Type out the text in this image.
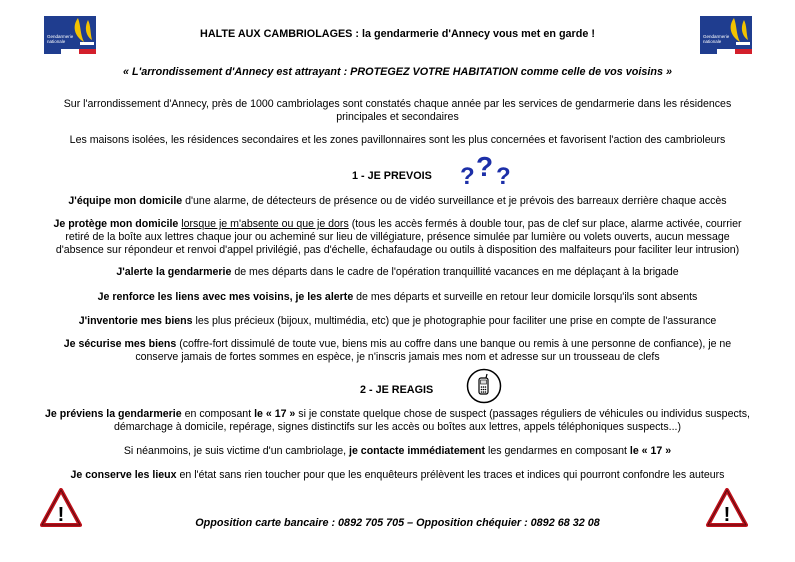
Gendarmerie
nationale
Gendarmerie
nationale
HALTE AUX CAMBRIOLAGES : la gendarmerie d'Annecy vous met en garde !
« L'arrondissement d'Annecy est attrayant : PROTEGEZ VOTRE HABITATION comme celle de vos voisins »
Sur l'arrondissement d'Annecy, près de 1000 cambriolages sont constatés chaque année par les services de gendarmerie dans les résidences principales et secondaires
Les maisons isolées, les résidences secondaires et les zones pavillonnaires sont les plus concernées et favorisent l'action des cambrioleurs
1 - JE PREVOIS ? ? ?
J'équipe mon domicile d'une alarme, de détecteurs de présence ou de vidéo surveillance et je prévois des barreaux derrière chaque accès
Je protège mon domicile lorsque je m'absente ou que je dors (tous les accès fermés à double tour, pas de clef sur place, alarme activée, courrier retiré de la boîte aux lettres chaque jour ou acheminé sur lieu de villégiature, présence simulée par lumière ou volets ouverts, aucun message d'absence sur répondeur et renvoi d'appel privilégié, pas d'échelle, échafaudage ou outils à disposition des malfaiteurs pour faciliter leur intrusion)
J'alerte la gendarmerie de mes départs dans le cadre de l'opération tranquillité vacances en me déplaçant à la brigade
Je renforce les liens avec mes voisins, je les alerte de mes départs et surveille en retour leur domicile lorsqu'ils sont absents
J'inventorie mes biens les plus précieux (bijoux, multimédia, etc) que je photographie pour faciliter une prise en compte de l'assurance
Je sécurise mes biens (coffre-fort dissimulé de toute vue, biens mis au coffre dans une banque ou remis à une personne de confiance), je ne conserve jamais de fortes sommes en espèce, je n'inscris jamais mes nom et adresse sur un trousseau de clefs
2 - JE REAGIS
Je préviens la gendarmerie en composant le « 17 » si je constate quelque chose de suspect (passages réguliers de véhicules ou individus suspects, démarchage à domicile, repérage, signes distinctifs sur les accès ou boîtes aux lettres, appels téléphoniques suspects...)
Si néanmoins, je suis victime d'un cambriolage, je contacte immédiatement les gendarmes en composant le « 17 »
Je conserve les lieux en l'état sans rien toucher pour que les enquêteurs prélèvent les traces et indices qui pourront confondre les auteurs
!	!
Opposition carte bancaire : 0892 705 705 – Opposition chéquier : 0892 68 32 08
